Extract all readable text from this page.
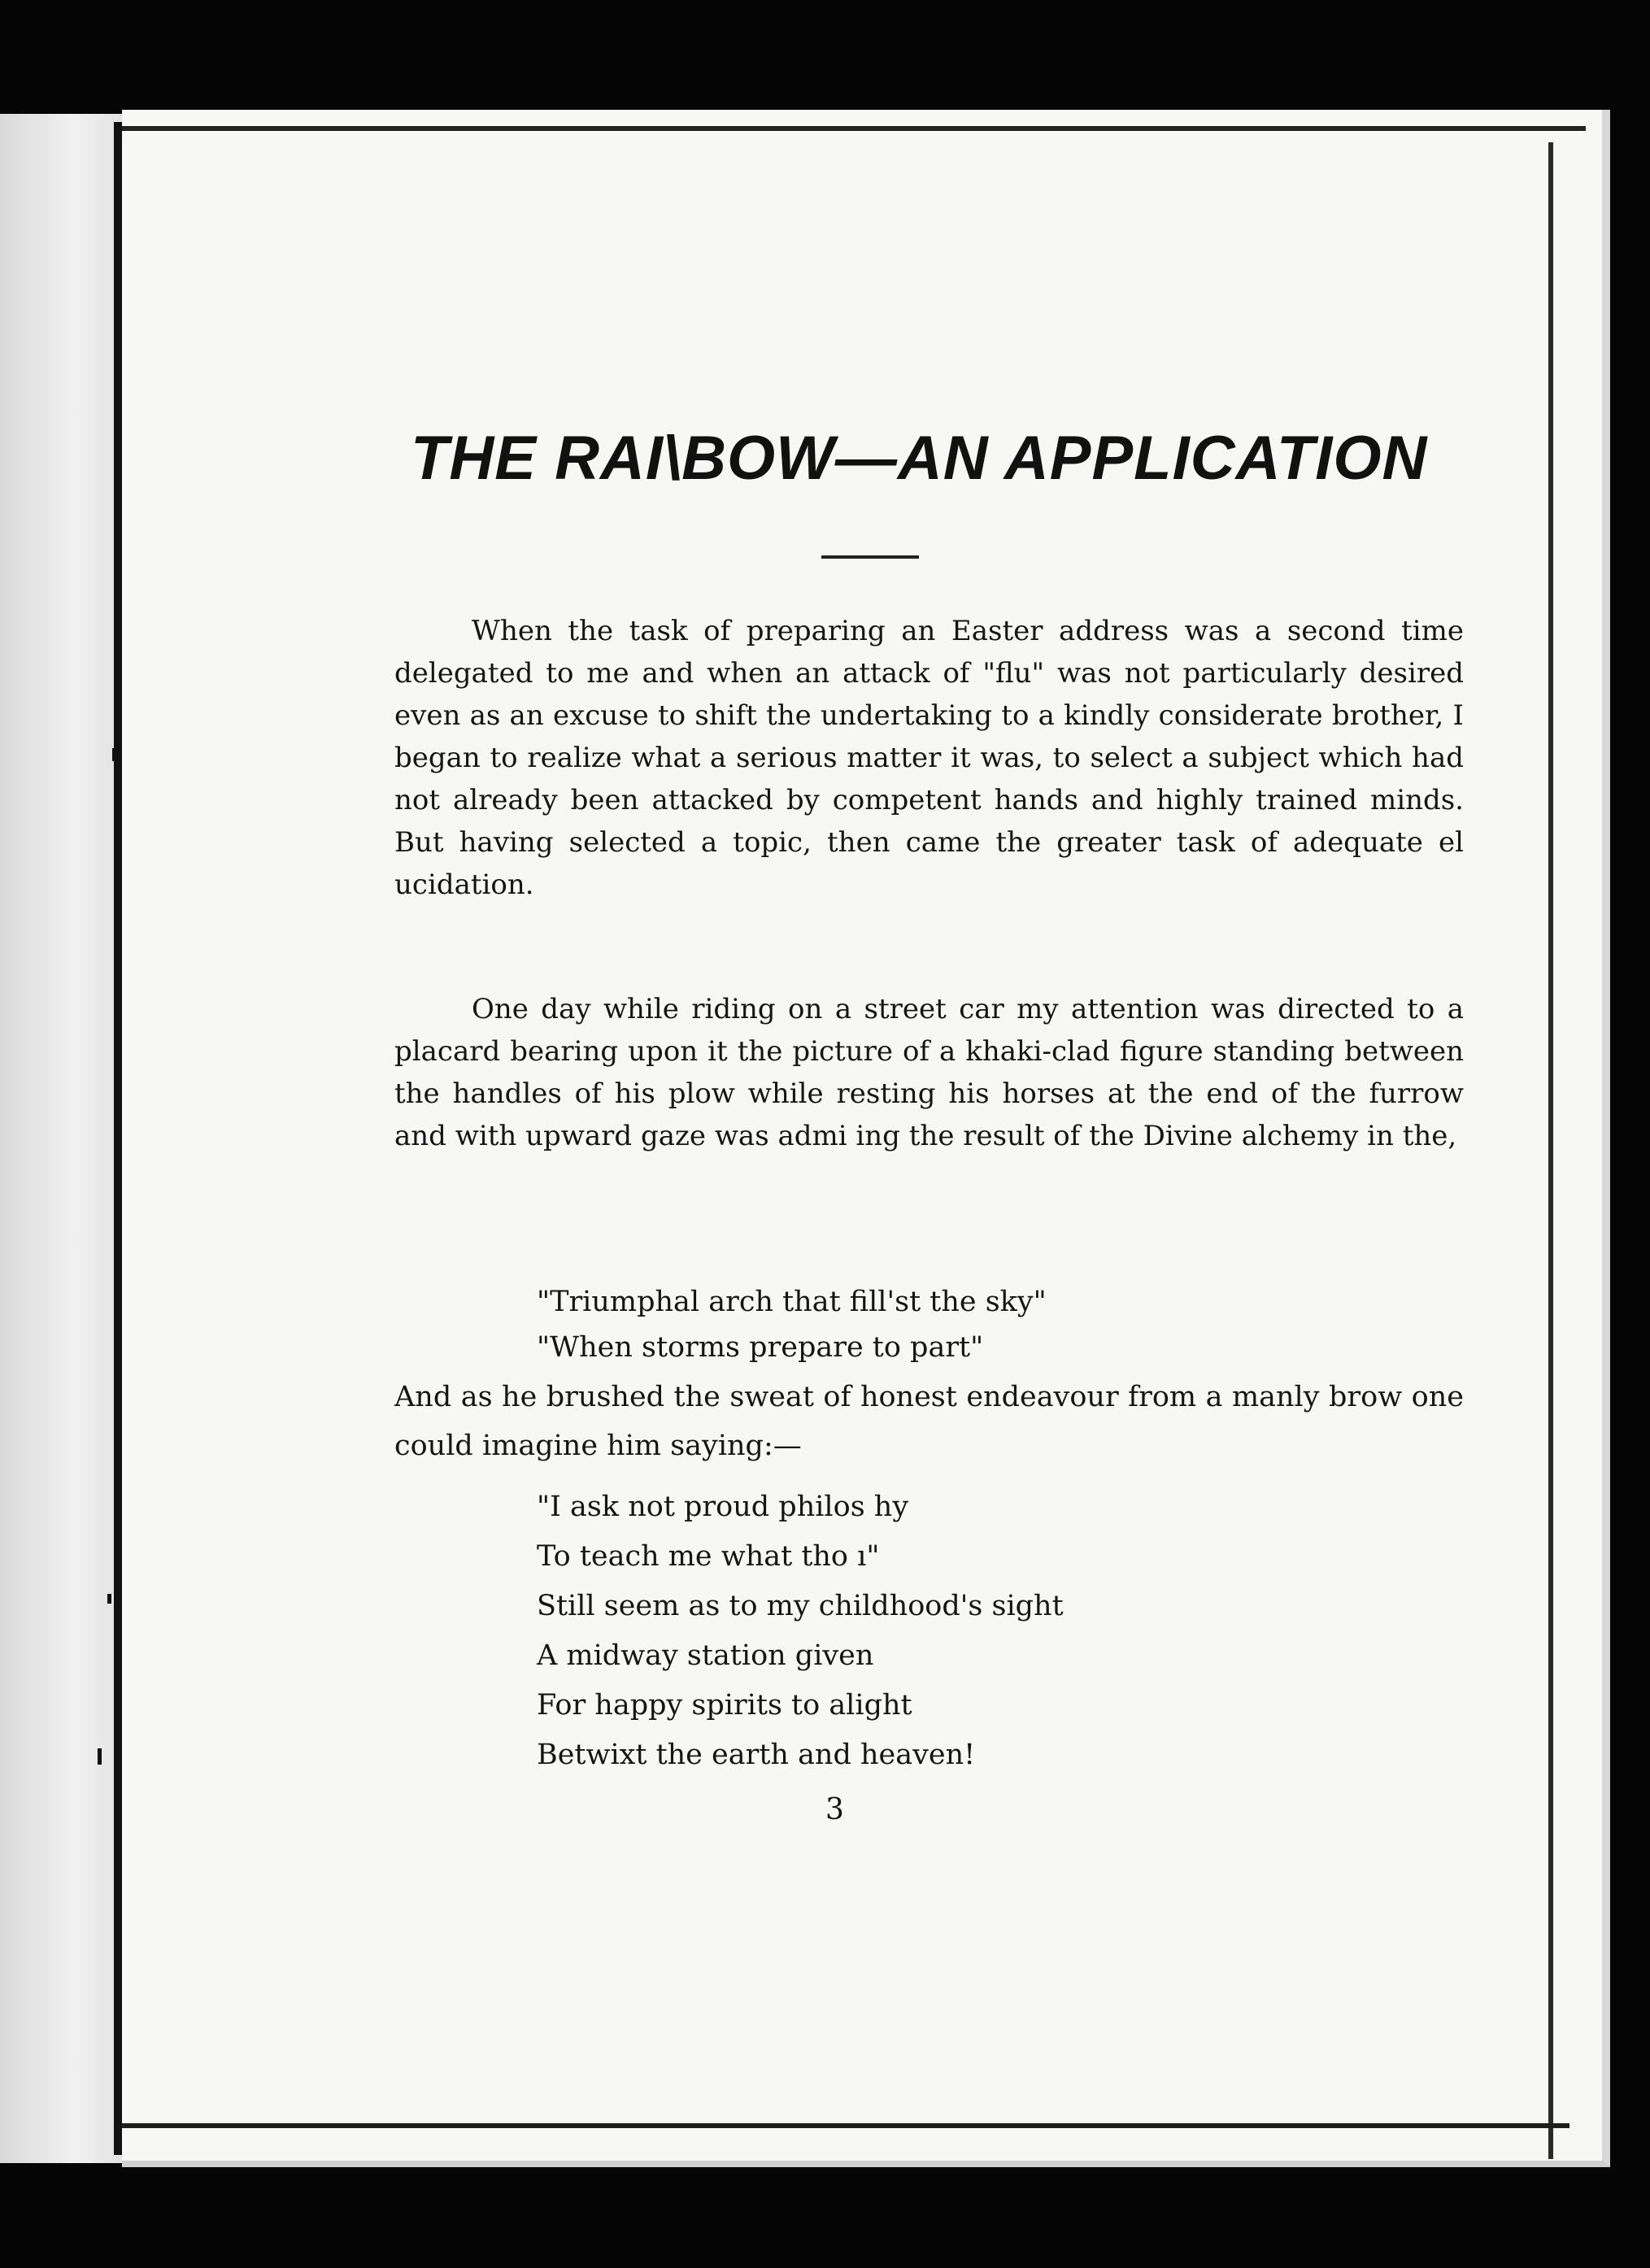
THE RAI\BOW—AN APPLICATION

When the task of preparing an Easter address was a second time delegated to me and when an attack of "flu" was not particularly desired even as an excuse to shift the undertaking to a kindly considerate brother, I began to realize what a serious matter it was, to select a subject which had not already been attacked by competent hands and highly trained minds. But having selected a topic, then came the greater task of adequate el ucidation.

One day while riding on a street car my attention was directed to a placard bearing upon it the picture of a khaki-clad figure standing between the handles of his plow while resting his horses at the end of the furrow and with upward gaze was admi ing the result of the Divine alchemy in the,

"Triumphal arch that fill'st the sky"

"When storms prepare to part"

And as he brushed the sweat of honest endeavour from a manly brow one could imagine him saying:—

"I ask not proud philos hy
To teach me what tho ı"
Still seem as to my childhood's sight
A midway station given
For happy spirits to alight
Betwixt the earth and heaven!

3
